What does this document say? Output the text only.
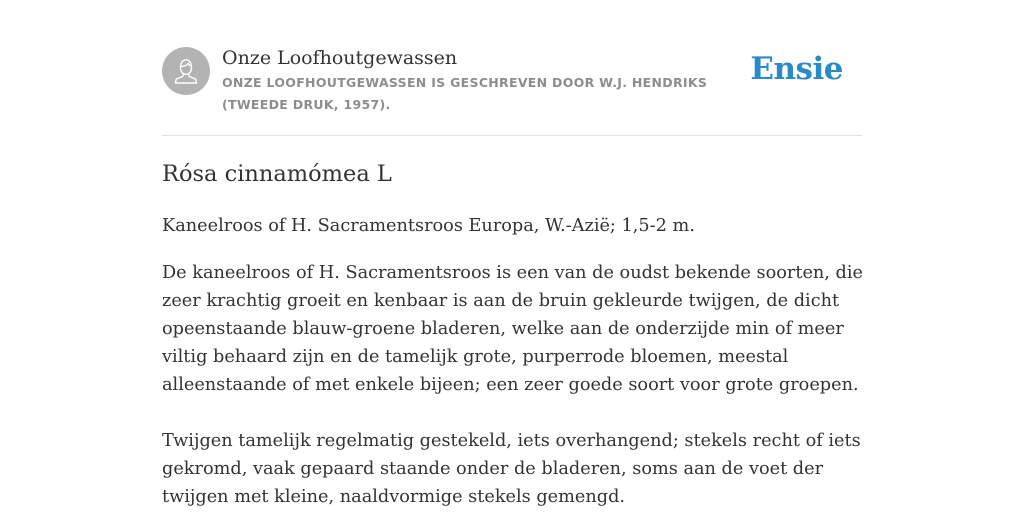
Onze Loofhoutgewassen
ONZE LOOFHOUTGEWASSEN IS GESCHREVEN DOOR W.J. HENDRIKS (TWEEDE DRUK, 1957).
Ensie
Rósa cinnamómea L

Kaneelroos of H. Sacramentsroos Europa, W.-Azië; 1,5-2 m.

De kaneelroos of H. Sacramentsroos is een van de oudst bekende soorten, die zeer krachtig groeit en kenbaar is aan de bruin gekleurde twijgen, de dicht opeenstaande blauw-groene bladeren, welke aan de onderzijde min of meer viltig behaard zijn en de tamelijk grote, purperrode bloemen, meestal alleenstaande of met enkele bijeen; een zeer goede soort voor grote groepen.

Twijgen tamelijk regelmatig gestekeld, iets overhangend; stekels recht of iets gekromd, vaak gepaard staande onder de bladeren, soms aan de voet der twijgen met kleine, naaldvormige stekels gemengd.
